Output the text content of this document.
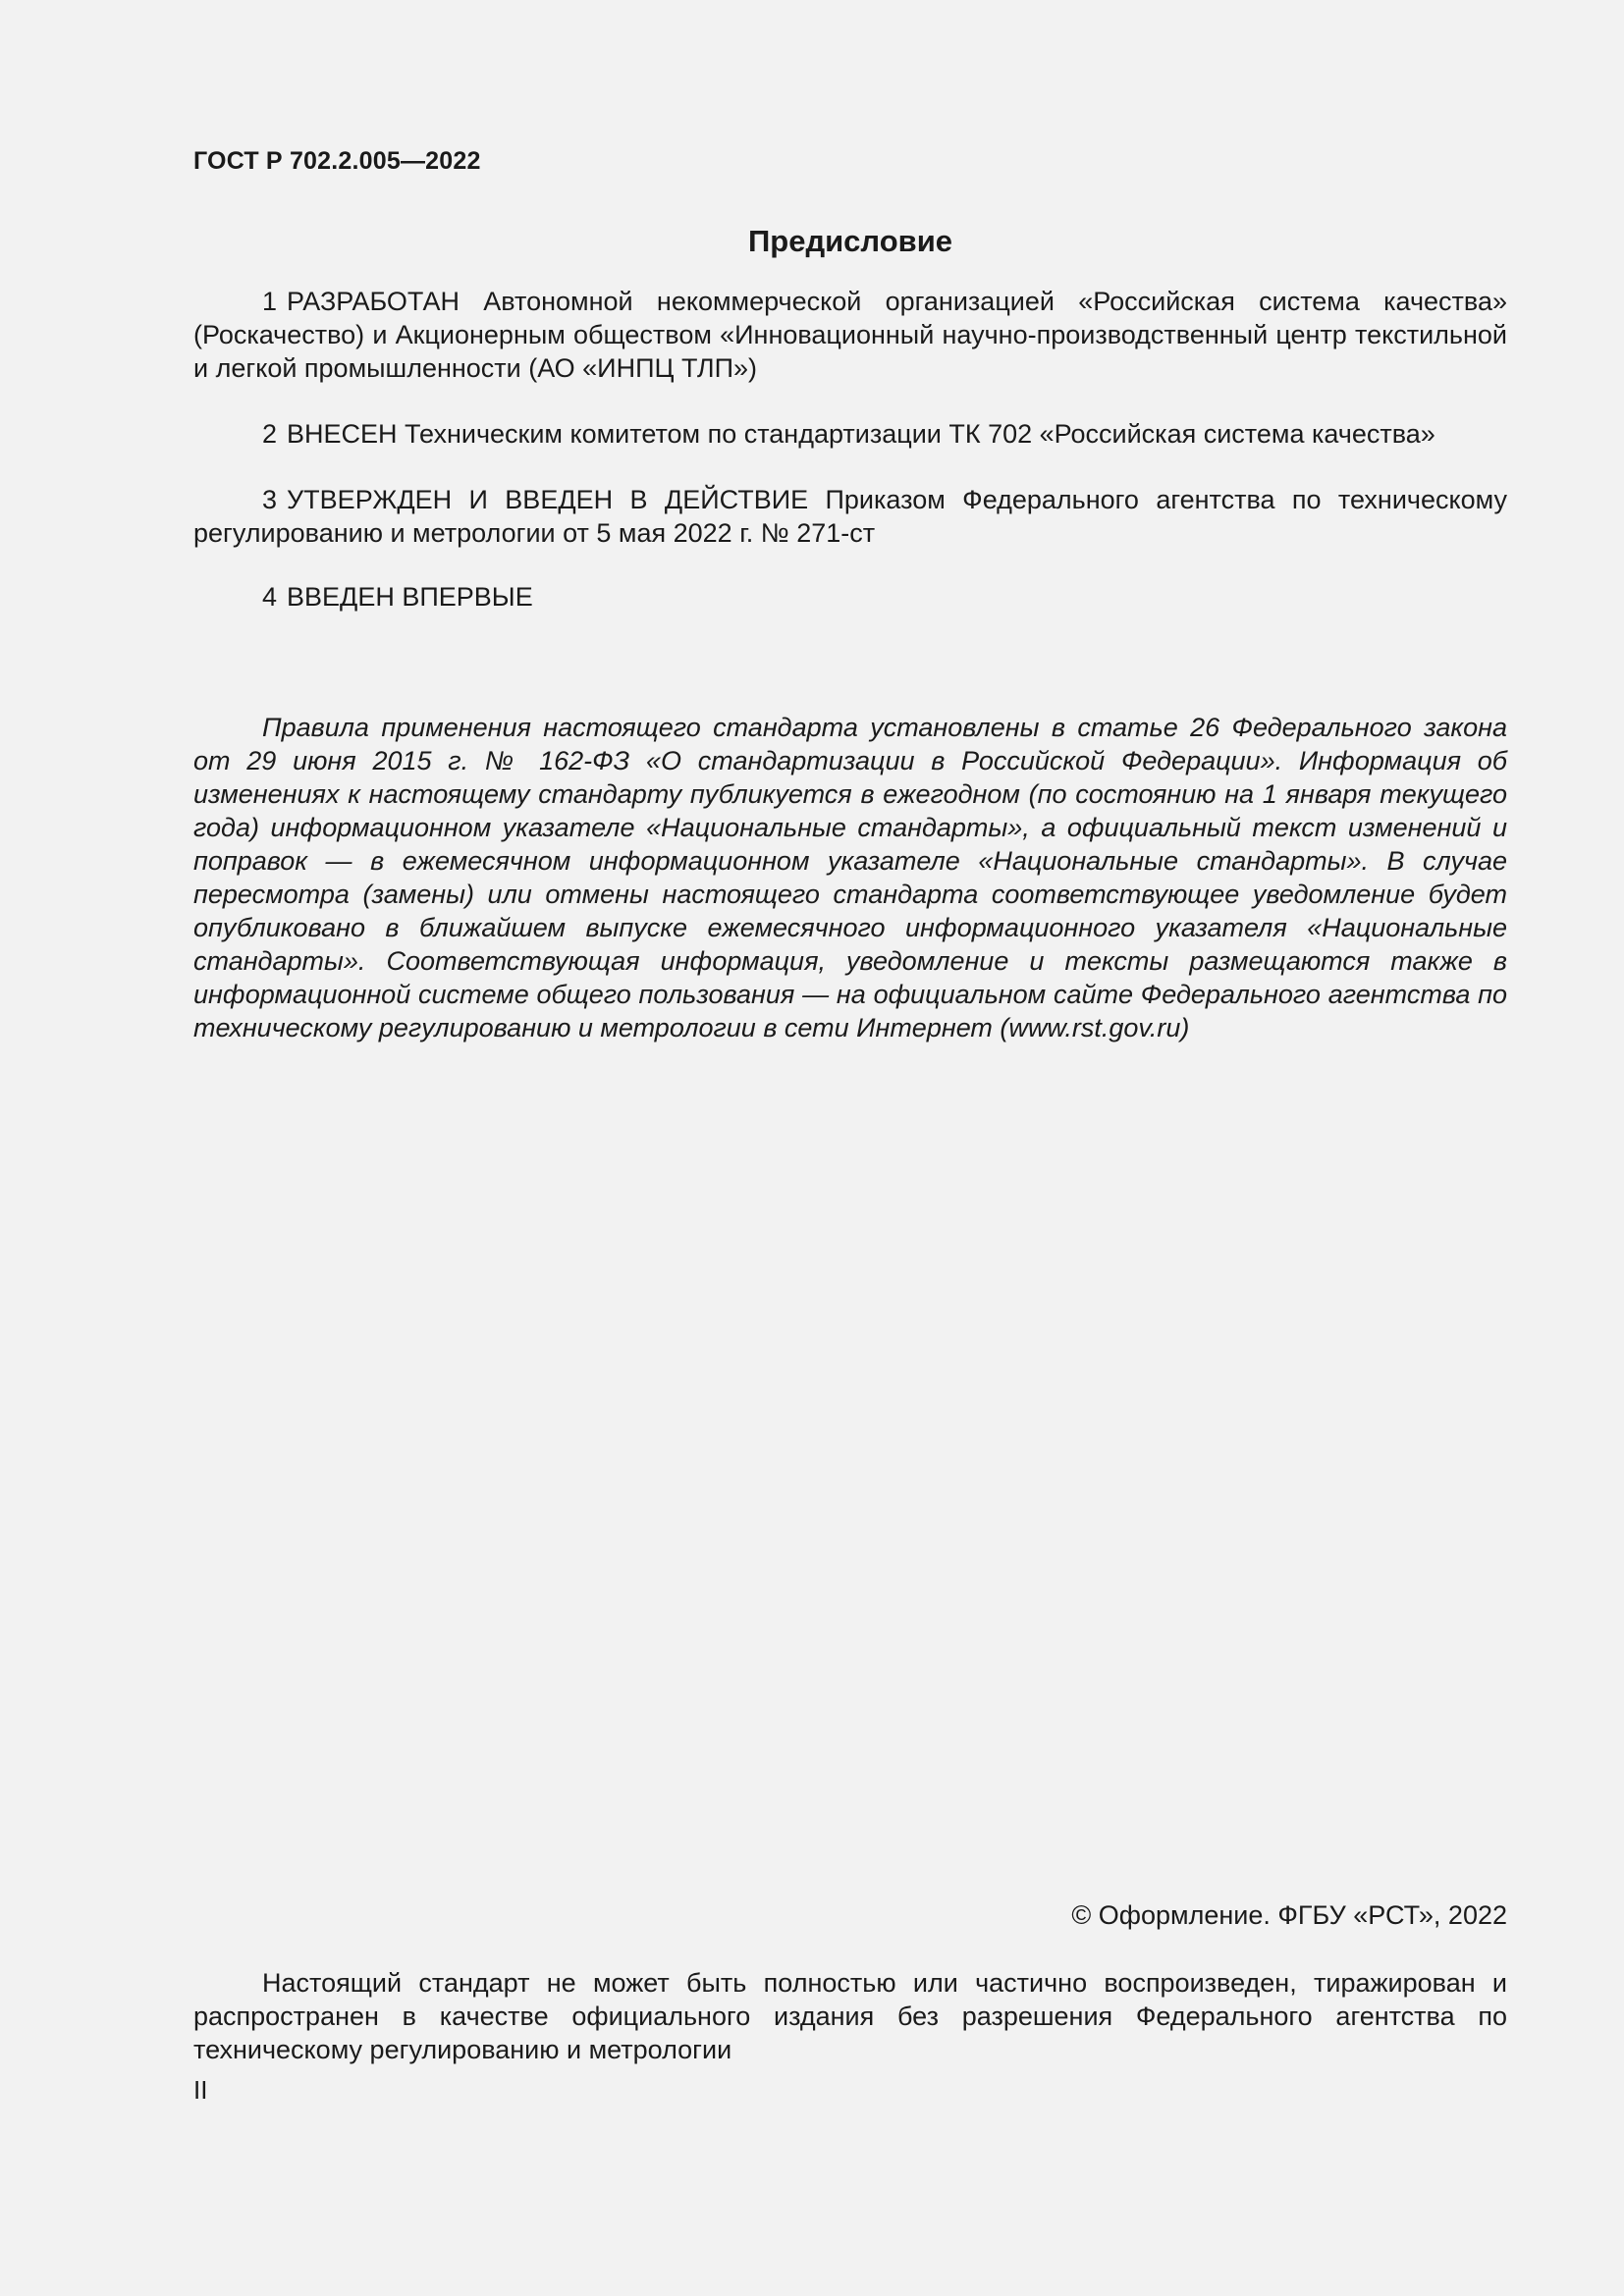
ГОСТ Р 702.2.005—2022
Предисловие

1 РАЗРАБОТАН Автономной некоммерческой организацией «Российская система качества» (Роскачество) и Акционерным обществом «Инновационный научно-производственный центр текстильной и легкой промышленности (АО «ИНПЦ ТЛП»)

2 ВНЕСЕН Техническим комитетом по стандартизации ТК 702 «Российская система качества»

3 УТВЕРЖДЕН И ВВЕДЕН В ДЕЙСТВИЕ Приказом Федерального агентства по техническому регулированию и метрологии от 5 мая 2022 г. № 271-ст

4 ВВЕДЕН ВПЕРВЫЕ

Правила применения настоящего стандарта установлены в статье 26 Федерального закона от 29 июня 2015 г. № 162-ФЗ «О стандартизации в Российской Федерации». Информация об изменениях к настоящему стандарту публикуется в ежегодном (по состоянию на 1 января текущего года) информационном указателе «Национальные стандарты», а официальный текст изменений и поправок — в ежемесячном информационном указателе «Национальные стандарты». В случае пересмотра (замены) или отмены настоящего стандарта соответствующее уведомление будет опубликовано в ближайшем выпуске ежемесячного информационного указателя «Национальные стандарты». Соответствующая информация, уведомление и тексты размещаются также в информационной системе общего пользования — на официальном сайте Федерального агентства по техническому регулированию и метрологии в сети Интернет (www.rst.gov.ru)

© Оформление. ФГБУ «РСТ», 2022

Настоящий стандарт не может быть полностью или частично воспроизведен, тиражирован и распространен в качестве официального издания без разрешения Федерального агентства по техническому регулированию и метрологии

II
